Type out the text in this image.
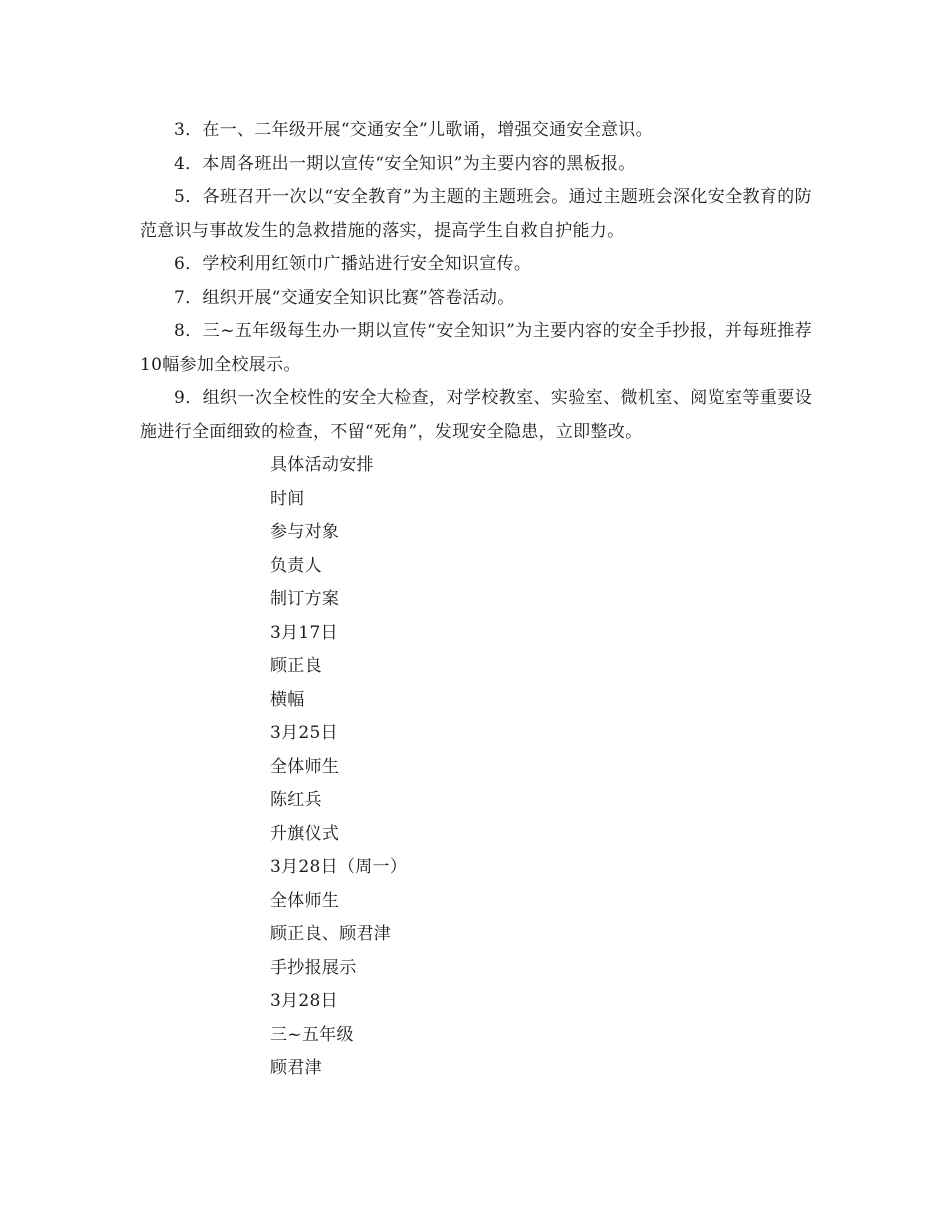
3．在一、二年级开展“交通安全”儿歌诵，增强交通安全意识。

4．本周各班出一期以宣传“安全知识”为主要内容的黑板报。

5．各班召开一次以“安全教育”为主题的主题班会。通过主题班会深化安全教育的防范意识与事故发生的急救措施的落实，提高学生自救自护能力。

6．学校利用红领巾广播站进行安全知识宣传。

7．组织开展“交通安全知识比赛”答卷活动。

8．三~五年级每生办一期以宣传“安全知识”为主要内容的安全手抄报，并每班推荐10幅参加全校展示。

9．组织一次全校性的安全大检查，对学校教室、实验室、微机室、阅览室等重要设施进行全面细致的检查，不留“死角”，发现安全隐患，立即整改。

具体活动安排
时间
参与对象
负责人
制订方案
3月17日
顾正良
横幅
3月25日
全体师生
陈红兵
升旗仪式
3月28日（周一）
全体师生
顾正良、顾君津
手抄报展示
3月28日
三~五年级
顾君津
